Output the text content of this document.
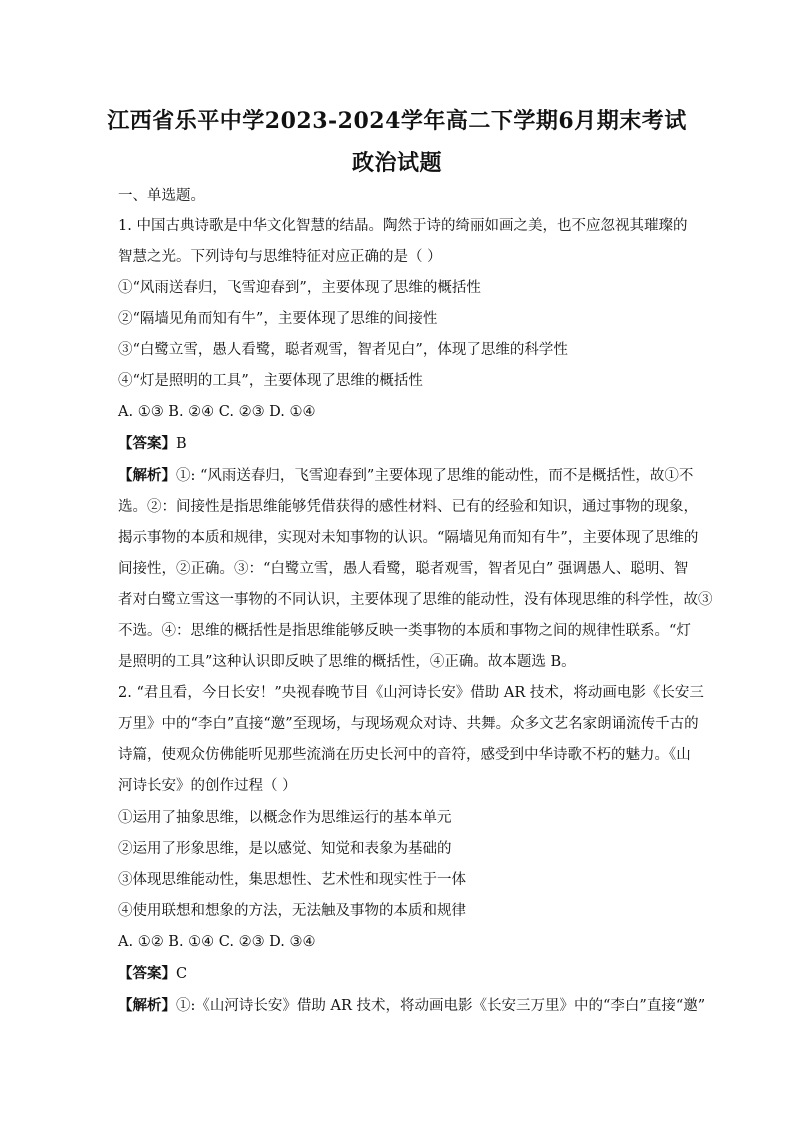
江西省乐平中学2023-2024学年高二下学期6月期末考试
政治试题
一、单选题。
1. 中国古典诗歌是中华文化智慧的结晶。陶然于诗的绮丽如画之美，也不应忽视其璀璨的
智慧之光。下列诗句与思维特征对应正确的是（ ）
①“风雨送春归，飞雪迎春到”，主要体现了思维的概括性
②“隔墙见角而知有牛”，主要体现了思维的间接性
③“白鹭立雪，愚人看鹭，聪者观雪，智者见白”，体现了思维的科学性
④“灯是照明的工具”，主要体现了思维的概括性
A. ①③ B. ②④ C. ②③ D. ①④
【答案】B
【解析】①: “风雨送春归，飞雪迎春到”主要体现了思维的能动性，而不是概括性，故①不
选。②：间接性是指思维能够凭借获得的感性材料、已有的经验和知识，通过事物的现象，
揭示事物的本质和规律，实现对未知事物的认识。“隔墙见角而知有牛”，主要体现了思维的
间接性，②正确。③：“白鹭立雪，愚人看鹭，聪者观雪，智者见白” 强调愚人、聪明、智
者对白鹭立雪这一事物的不同认识，主要体现了思维的能动性，没有体现思维的科学性，故③
不选。④：思维的概括性是指思维能够反映一类事物的本质和事物之间的规律性联系。“灯
是照明的工具”这种认识即反映了思维的概括性，④正确。故本题选 B。
2. “君且看，今日长安！”央视春晚节目《山河诗长安》借助 AR 技术，将动画电影《长安三
万里》中的“李白”直接“邀”至现场，与现场观众对诗、共舞。众多文艺名家朗诵流传千古的
诗篇，使观众仿佛能听见那些流淌在历史长河中的音符，感受到中华诗歌不朽的魅力。《山
河诗长安》的创作过程（ ）
①运用了抽象思维，以概念作为思维运行的基本单元
②运用了形象思维，是以感觉、知觉和表象为基础的
③体现思维能动性，集思想性、艺术性和现实性于一体
④使用联想和想象的方法，无法触及事物的本质和规律
A. ①② B. ①④ C. ②③ D. ③④
【答案】C
【解析】①:《山河诗长安》借助 AR 技术，将动画电影《长安三万里》中的“李白”直接“邀”
